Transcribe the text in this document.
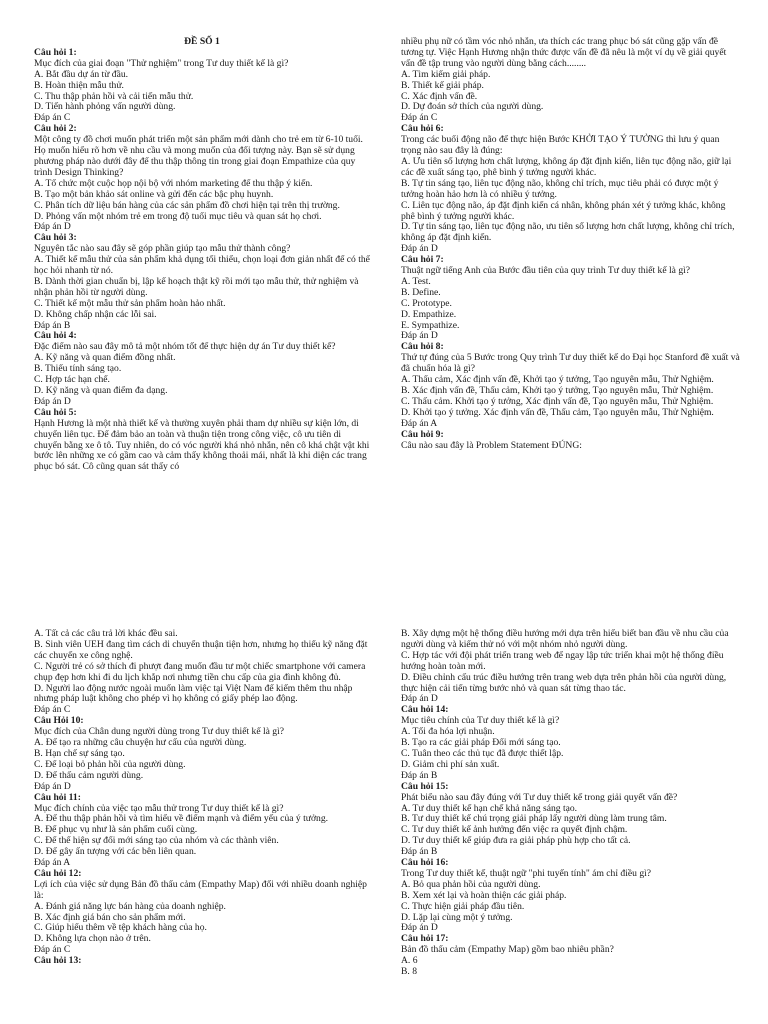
ĐỀ SỐ 1

Câu hỏi 1:

Mục đích của giai đoạn "Thử nghiệm" trong Tư duy thiết kế là gì?

A. Bắt đầu dự án từ đầu.

B. Hoàn thiện mẫu thử.

C. Thu thập phản hồi và cải tiến mẫu thử.

D. Tiến hành phỏng vấn người dùng.

Đáp án C

Câu hỏi 2:

Một công ty đồ chơi muốn phát triển một sản phẩm mới dành cho trẻ em từ 6-10 tuổi. Họ muốn hiểu rõ hơn về nhu cầu và mong muốn của đối tượng này. Bạn sẽ sử dụng phương pháp nào dưới đây để thu thập thông tin trong giai đoạn Empathize của quy trình Design Thinking?

A. Tổ chức một cuộc họp nội bộ với nhóm marketing để thu thập ý kiến.

B. Tạo một bản khảo sát online và gửi đến các bậc phụ huynh.

C. Phân tích dữ liệu bán hàng của các sản phẩm đồ chơi hiện tại trên thị trường.

D. Phỏng vấn một nhóm trẻ em trong độ tuổi mục tiêu và quan sát họ chơi.

Đáp án D

Câu hỏi 3:

Nguyên tắc nào sau đây sẽ góp phần giúp tạo mẫu thử thành công?

A. Thiết kế mẫu thử của sản phẩm khả dụng tối thiểu, chọn loại đơn giản nhất để có thể học hỏi nhanh từ nó.

B. Dành thời gian chuẩn bị, lập kế hoạch thật kỹ rồi mới tạo mẫu thử, thử nghiệm và nhận phản hồi từ người dùng.

C. Thiết kế một mẫu thử sản phẩm hoàn hảo nhất.

D. Không chấp nhận các lỗi sai.

Đáp án B

Câu hỏi 4:

Đặc điểm nào sau đây mô tả một nhóm tốt để thực hiện dự án Tư duy thiết kế?

A. Kỹ năng và quan điểm đồng nhất.

B. Thiếu tính sáng tạo.

C. Hợp tác hạn chế.

D. Kỹ năng và quan điểm đa dạng.

Đáp án D

Câu hỏi 5:

Hạnh Hương là một nhà thiết kế và thường xuyên phải tham dự nhiều sự kiện lớn, di chuyển liên tục. Để đảm bảo an toàn và thuận tiện trong công việc, cô ưu tiên di chuyển bằng xe ô tô. Tuy nhiên, do có vóc người khá nhỏ nhắn, nên cô khá chật vật khi bước lên những xe có gầm cao và cảm thấy không thoải mái, nhất là khi diện các trang phục bó sát. Cô cũng quan sát thấy có

nhiều phụ nữ có tầm vóc nhỏ nhắn, ưa thích các trang phục bó sát cũng gặp vấn đề tương tự. Việc Hạnh Hương nhận thức được vấn đề đã nêu là một ví dụ về giải quyết vấn đề tập trung vào người dùng bằng cách........

A. Tìm kiếm giải pháp.

B. Thiết kế giải pháp.

C. Xác định vấn đề.

D. Dự đoán sở thích của người dùng.

Đáp án C

Câu hỏi 6:

Trong các buổi động não để thực hiện Bước KHỞI TẠO Ý TƯỞNG thì lưu ý quan trọng nào sau đây là đúng:

A. Ưu tiên số lượng hơn chất lượng, không áp đặt định kiến, liên tục động não, giữ lại các đề xuất sáng tạo, phê bình ý tưởng người khác.

B. Tự tin sáng tạo, liên tục động não, không chỉ trích, mục tiêu phải có được một ý tưởng hoàn hảo hơn là có nhiều ý tưởng.

C. Liên tục động não, áp đặt định kiến cá nhân, không phán xét ý tưởng khác, không phê bình ý tưởng người khác.

D. Tự tin sáng tạo, liên tục động não, ưu tiên số lượng hơn chất lượng, không chỉ trích, không áp đặt định kiến.

Đáp án D

Câu hỏi 7:

Thuật ngữ tiếng Anh của Bước đầu tiên của quy trình Tư duy thiết kế là gì?

A. Test.

B. Define.

C. Prototype.

D. Empathize.

E. Sympathize.

Đáp án D

Câu hỏi 8:

Thứ tự đúng của 5 Bước trong Quy trình Tư duy thiết kế do Đại học Stanford đề xuất và đã chuẩn hóa là gì?

A. Thấu cảm, Xác định vấn đề, Khởi tạo ý tưởng, Tạo nguyên mẫu, Thử Nghiệm.

B. Xác định vấn đề, Thấu cảm, Khởi tạo ý tưởng, Tạo nguyên mẫu, Thử Nghiệm.

C. Thấu cảm. Khởi tạo ý tưởng, Xác định vấn đề, Tạo nguyên mẫu, Thử Nghiệm.

D. Khởi tạo ý tưởng. Xác định vấn đề, Thấu cảm, Tạo nguyên mẫu, Thử Nghiệm.

Đáp án A

Câu hỏi 9:

Câu nào sau đây là Problem Statement ĐÚNG:

A. Tất cả các câu trả lời khác đều sai.

B. Sinh viên UEH đang tìm cách di chuyển thuận tiện hơn, nhưng họ thiếu kỹ năng đặt các chuyến xe công nghệ.

C. Người trẻ có sở thích đi phượt đang muốn đầu tư một chiếc smartphone với camera chụp đẹp hơn khi đi du lịch khắp nơi nhưng tiền chu cấp của gia đình không đủ.

D. Người lao động nước ngoài muốn làm việc tại Việt Nam để kiếm thêm thu nhập nhưng pháp luật không cho phép vì họ không có giấy phép lao động.

Đáp án C

Câu Hỏi 10:

Mục đích của Chân dung người dùng trong Tư duy thiết kế là gì?

A. Để tạo ra những câu chuyện hư cấu của người dùng.

B. Hạn chế sự sáng tạo.

C. Để loại bỏ phản hồi của người dùng.

D. Để thấu cảm người dùng.

Đáp án D

Câu hỏi 11:

Mục đích chính của việc tạo mẫu thử trong Tư duy thiết kế là gì?

A. Để thu thập phản hồi và tìm hiểu về điểm mạnh và điểm yếu của ý tưởng.

B. Để phục vụ như là sản phẩm cuối cùng.

C. Để thể hiện sự đổi mới sáng tạo của nhóm và các thành viên.

D. Để gây ấn tượng với các bên liên quan.

Đáp án A

Câu hỏi 12:

Lợi ích của việc sử dụng Bản đồ thấu cảm (Empathy Map) đối với nhiều doanh nghiệp là:

A. Đánh giá năng lực bán hàng của doanh nghiệp.

B. Xác định giá bán cho sản phẩm mới.

C. Giúp hiểu thêm về tệp khách hàng của họ.

D. Không lựa chọn nào ở trên.

Đáp án C

Câu hỏi 13:

B. Xây dựng một hệ thống điều hướng mới dựa trên hiểu biết ban đầu về nhu cầu của người dùng và kiểm thử nó với một nhóm nhỏ người dùng.

C. Hợp tác với đội phát triển trang web để ngay lập tức triển khai một hệ thống điều hướng hoàn toàn mới.

D. Điều chỉnh cấu trúc điều hướng trên trang web dựa trên phản hồi của người dùng, thực hiện cải tiến từng bước nhỏ và quan sát từng thao tác.

Đáp án D

Câu hỏi 14:

Mục tiêu chính của Tư duy thiết kế là gì?

A. Tối đa hóa lợi nhuận.

B. Tạo ra các giải pháp Đổi mới sáng tạo.

C. Tuân theo các thủ tục đã được thiết lập.

D. Giảm chi phí sản xuất.

Đáp án B

Câu hỏi 15:

Phát biểu nào sau đây đúng với Tư duy thiết kế trong giải quyết vấn đề?

A. Tư duy thiết kế hạn chế khả năng sáng tạo.

B. Tư duy thiết kế chú trọng giải pháp lấy người dùng làm trung tâm.

C. Tư duy thiết kế ảnh hưởng đến việc ra quyết định chậm.

D. Tư duy thiết kế giúp đưa ra giải pháp phù hợp cho tất cả.

Đáp án B

Câu hỏi 16:

Trong Tư duy thiết kế, thuật ngữ "phi tuyến tính" ám chỉ điều gì?

A. Bỏ qua phản hồi của người dùng.

B. Xem xét lại và hoàn thiện các giải pháp.

C. Thực hiện giải pháp đầu tiên.

D. Lặp lại cùng một ý tưởng.

Đáp án D

Câu hỏi 17:

Bản đồ thấu cảm (Empathy Map) gồm bao nhiêu phần?

A. 6

B. 8
